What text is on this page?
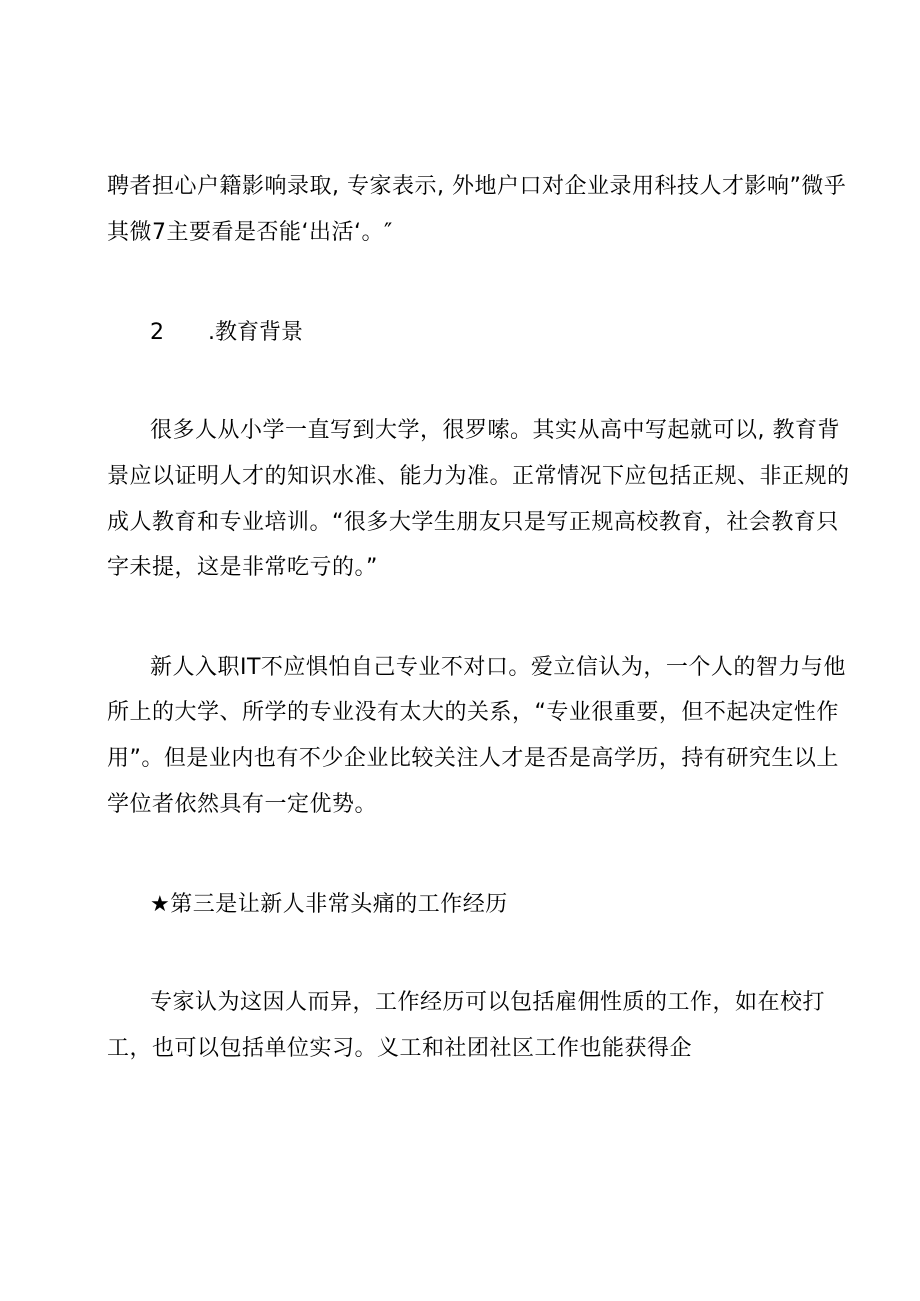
聘者担心户籍影响录取, 专家表示, 外地户口对企业录用科技人才影响”微乎
其微7主要看是否能‘出活‘。″
2 .教育背景
很多人从小学一直写到大学，很罗嗦。其实从高中写起就可以, 教育背
景应以证明人才的知识水准、能力为准。正常情况下应包括正规、非正规的
成人教育和专业培训。“很多大学生朋友只是写正规高校教育，社会教育只
字未提，这是非常吃亏的。”
新人入职IT不应惧怕自己专业不对口。爱立信认为，一个人的智力与他
所上的大学、所学的专业没有太大的关系，“专业很重要，但不起决定性作
用”。但是业内也有不少企业比较关注人才是否是高学历，持有研究生以上
学位者依然具有一定优势。
★第三是让新人非常头痛的工作经历
专家认为这因人而异，工作经历可以包括雇佣性质的工作，如在校打
工，也可以包括单位实习。义工和社团社区工作也能获得企
